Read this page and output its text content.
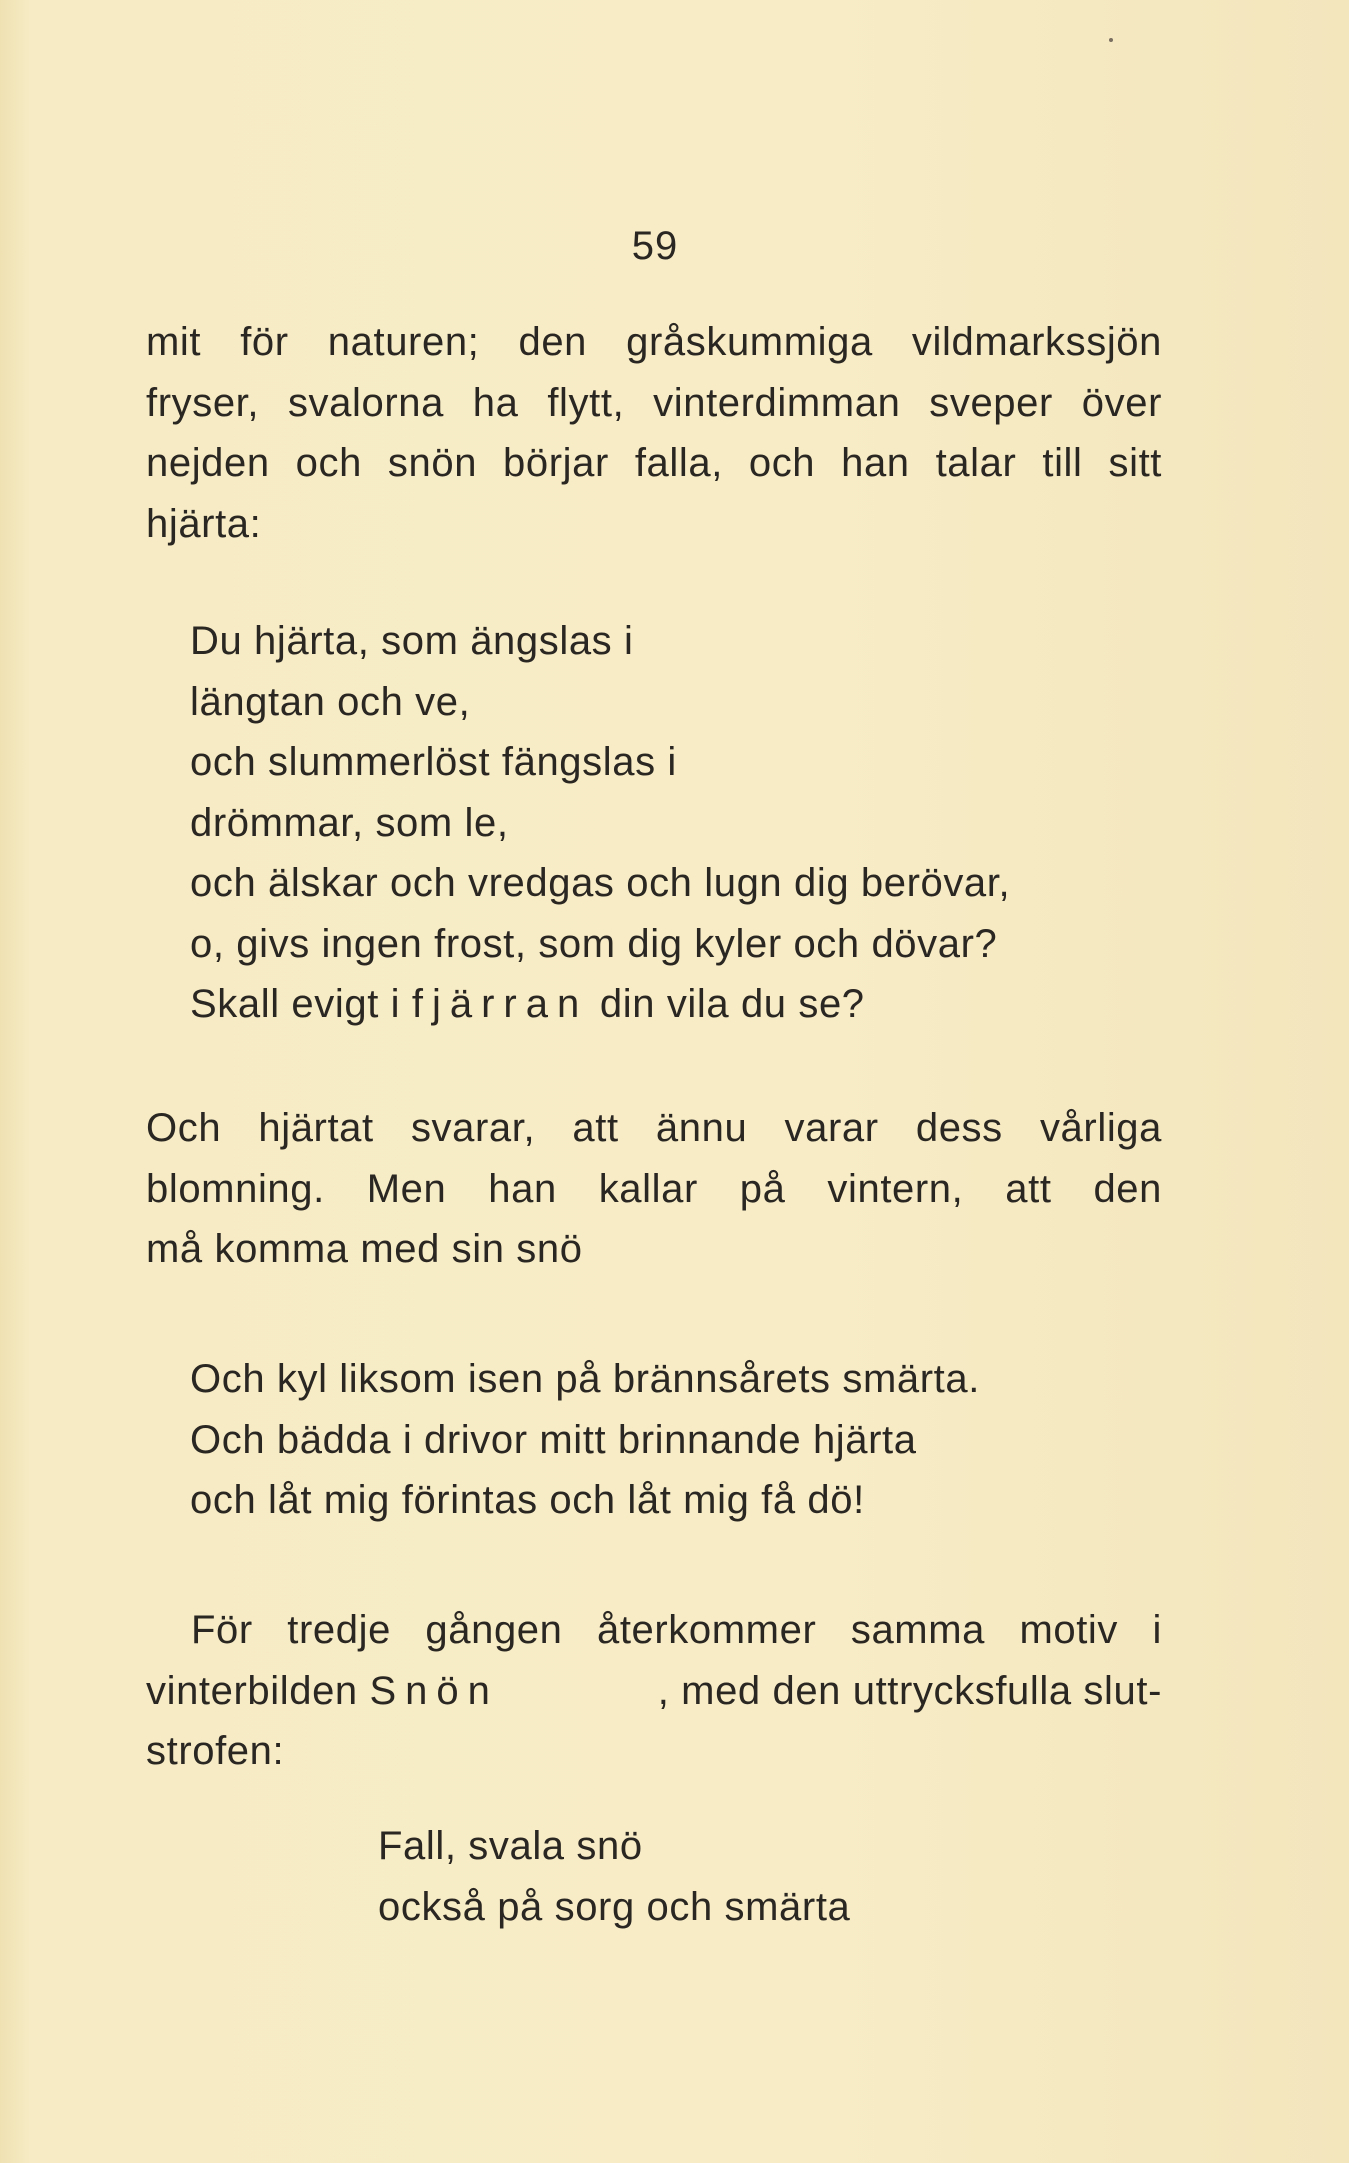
59
mit för naturen; den gråskummiga vildmarkssjön
fryser, svalorna ha flytt, vinterdimman sveper över
nejden och snön börjar falla, och han talar till sitt
hjärta:
Du hjärta, som ängslas i
längtan och ve,
och slummerlöst fängslas i
drömmar, som le,
och älskar och vredgas och lugn dig berövar,
o, givs ingen frost, som dig kyler och dövar?
Skall evigt i fjärran din vila du se?
Och hjärtat svarar, att ännu varar dess vårliga
blomning. Men han kallar på vintern, att den
må komma med sin snö
Och kyl liksom isen på brännsårets smärta.
Och bädda i drivor mitt brinnande hjärta
och låt mig förintas och låt mig få dö!
För tredje gången återkommer samma motiv i
vinterbilden Snön	, med den uttrycksfulla slut-
strofen:
Fall, svala snö
också på sorg och smärta
